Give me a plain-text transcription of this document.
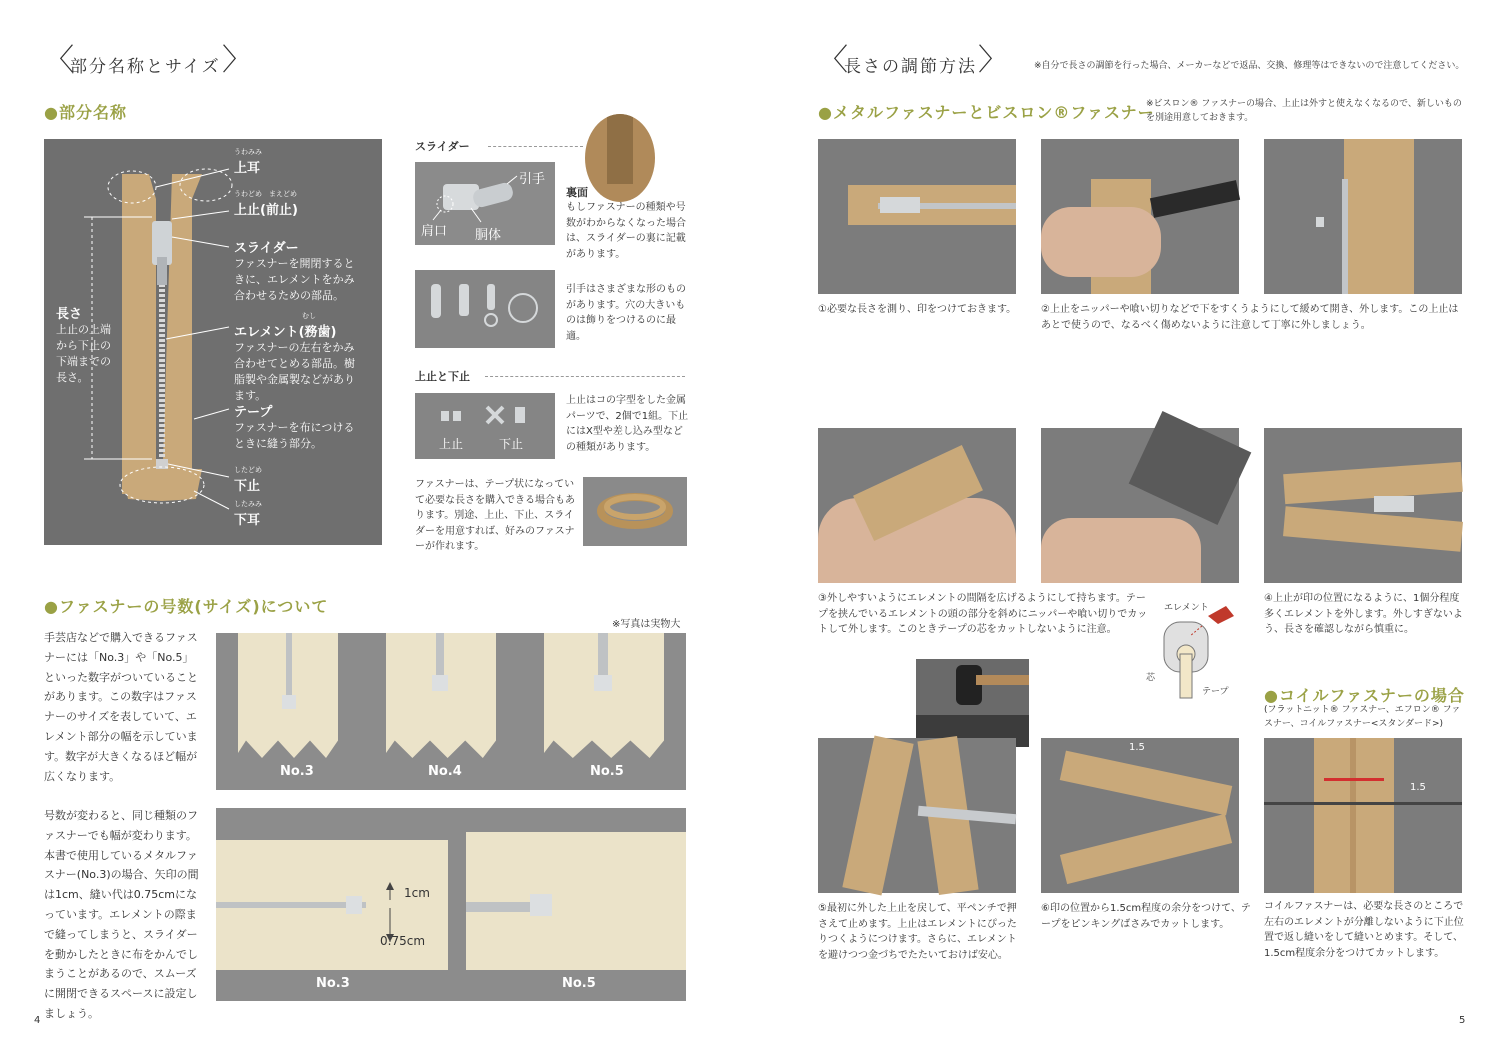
〈
部分名称とサイズ 〉
●部分名称
うわみみ
上耳
うわどめ　まえどめ
上止(前止)
スライダー
ファスナーを開閉するときに、エレメントをかみ合わせるための部品。
長さ
上止の上端から下止の下端までの長さ。
むし
エレメント(務歯)
ファスナーの左右をかみ合わせてとめる部品。樹脂製や金属製などがあります。
テープ
ファスナーを布につけるときに縫う部分。
したどめ
下止
したみみ
下耳
スライダー
引手
肩口 胴体
裏面
もしファスナーの種類や号数がわからなくなった場合は、スライダーの裏に記載があります。
引手はさまざまな形のものがあります。穴の大きいものは飾りをつけるのに最適。
上止と下止
上止	下止
上止はコの字型をした金属パーツで、2個で1組。下止にはX型や差し込み型などの種類があります。
ファスナーは、テープ状になっていて必要な長さを購入できる場合もあります。別途、上止、下止、スライダーを用意すれば、好みのファスナーが作れます。
●ファスナーの号数(サイズ)について
※写真は実物大
手芸店などで購入できるファスナーには「No.3」や「No.5」といった数字がついていることがあります。この数字はファスナーのサイズを表していて、エレメント部分の幅を示しています。数字が大きくなるほど幅が広くなります。
号数が変わると、同じ種類のファスナーでも幅が変わります。本書で使用しているメタルファスナー(No.3)の場合、矢印の間は1cm、縫い代は0.75cmになっています。エレメントの際まで縫ってしまうと、スライダーを動かしたときに布をかんでしまうことがあるので、スムーズに開閉できるスペースに設定しましょう。
No.3	No.4	No.5
1cm
0.75cm
No.3	No.5
4
〈
長さの調節方法 〉	※自分で長さの調節を行った場合、メーカーなどで返品、交換、修理等はできないので注意してください。
●メタルファスナーとビスロン®ファスナー
※ビスロン® ファスナーの場合、上止は外すと使えなくなるので、新しいものを別途用意しておきます。
①必要な長さを測り、印をつけておきます。 ②上止をニッパーや喰い切りなどで下をすくうようにして緩めて開き、外します。この上止はあとで使うので、なるべく傷めないように注意して丁寧に外しましょう。
③外しやすいようにエレメントの間隔を広げるようにして持ちます。テープを挟んでいるエレメントの頭の部分を斜めにニッパーや喰い切りでカットして外します。このときテープの芯をカットしないように注意。
④上止が印の位置になるように、1個分程度多くエレメントを外します。外しすぎないよう、長さを確認しながら慎重に。
エレメント
芯
テープ
1.5
⑤最初に外した上止を戻して、平ペンチで押さえて止めます。上止はエレメントにぴったりつくようにつけます。さらに、エレメントを避けつつ金づちでたたいておけば安心。
⑥印の位置から1.5cm程度の余分をつけて、テープをピンキングばさみでカットします。
●コイルファスナーの場合
(フラットニット® ファスナー、エフロン® ファスナー、コイルファスナー<スタンダード>)
1.5
コイルファスナーは、必要な長さのところで左右のエレメントが分離しないように下止位置で返し縫いをして縫いとめます。そして、1.5cm程度余分をつけてカットします。
5
